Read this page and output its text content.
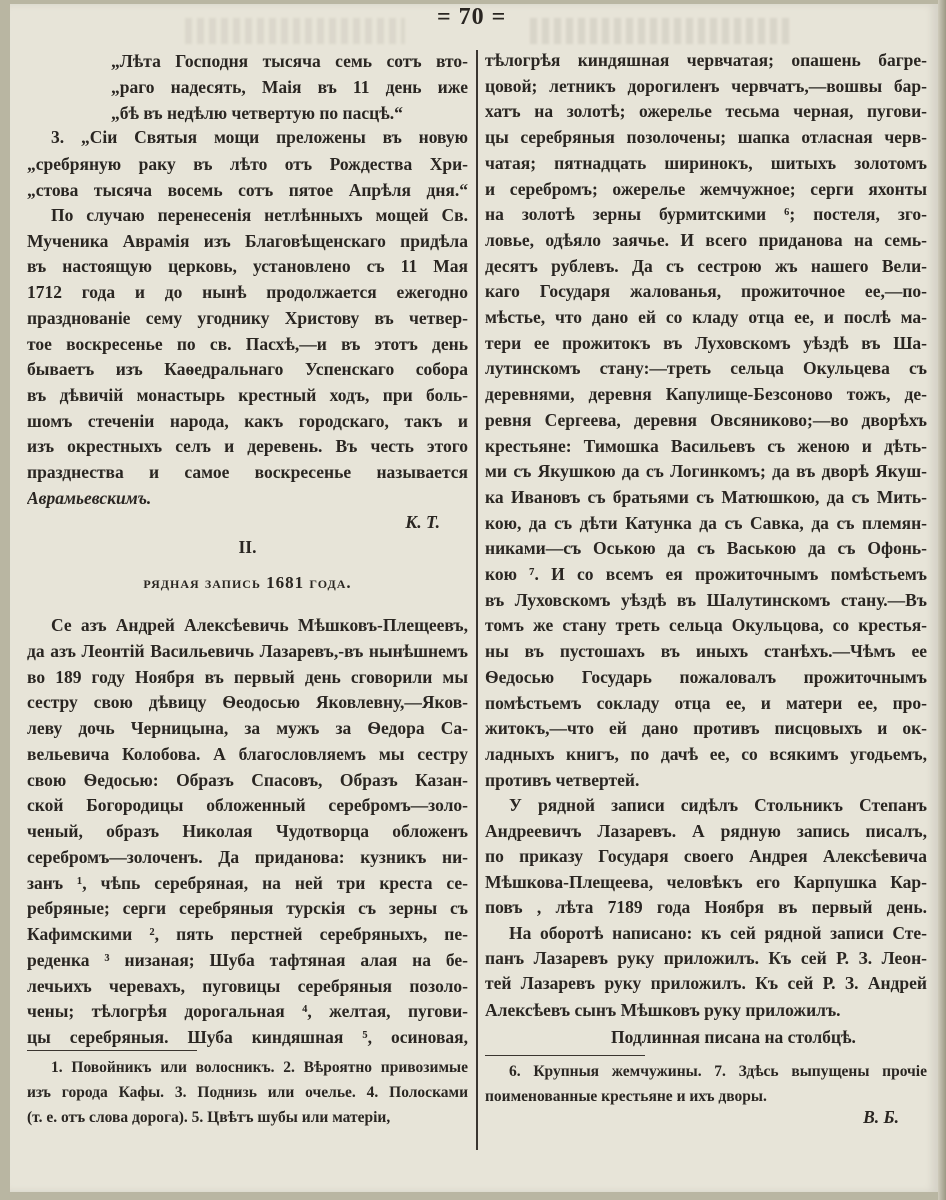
= 70 =
„Лѣта Господня тысяча семь сотъ вто-
„раго надесять, Маія въ 11 день иже
„бѣ въ недѣлю четвертую по пасцѣ.“
3. „Сіи Святыя мощи преложены въ новую
„сребряную раку въ лѣто отъ Рождества Хри-
„стова тысяча восемь сотъ пятое Апрѣля дня.“
По случаю перенесенія нетлѣнныхъ мощей Св.
Мученика Аврамія изъ Благовѣщенскаго придѣла
въ настоящую церковь, установлено съ 11 Мая
1712 года и до нынѣ продолжается ежегодно
празднованіе сему угоднику Христову въ четвер-
тое воскресенье по св. Пасхѣ,—и въ этотъ день
бываетъ изъ Каѳедральнаго Успенскаго собора
въ дѣвичій монастырь крестный ходъ, при боль-
шомъ стеченіи народа, какъ городскаго, такъ и
изъ окрестныхъ селъ и деревень. Въ честь этого
празднества и самое воскресенье называется
Аврамьевскимъ.
К. Т.
II.
рядная запись 1681 года.
Се азъ Андрей Алексѣевичь Мѣшковъ-Плещеевъ,
да азъ Леонтій Васильевичь Лазаревъ,-въ нынѣшнемъ
во 189 году Ноября въ первый день сговорили мы
сестру свою дѣвицу Ѳеодосью Яковлевну,—Яков-
леву дочь Черницына, за мужъ за Ѳедора Са-
вельевича Колобова. А благословляемъ мы сестру
свою Ѳедосью: Образъ Спасовъ, Образъ Казан-
ской Богородицы обложенный серебромъ—золо-
ченый, образъ Николая Чудотворца обложенъ
серебромъ—золоченъ. Да приданова: кузникъ ни-
занъ ¹, чѣпь серебряная, на ней три креста се-
ребряные; серги серебряныя турскія съ зерны съ
Кафимскими ², пять перстней серебряныхъ, пе-
реденка ³ низаная; Шуба тафтяная алая на бе-
лечьихъ черевахъ, пуговицы серебряныя позоло-
чены; тѣлогрѣя дорогальная ⁴, желтая, пугови-
цы серебряныя. Шуба киндяшная ⁵, осиновая,
1. Повойникъ или волосникъ. 2. Вѣроятно привозимые
изъ города Кафы. 3. Поднизь или очелье. 4. Полосками
(т. е. отъ слова дорога). 5. Цвѣтъ шубы или матеріи,
тѣлогрѣя киндяшная червчатая; опашень багре-
цовой; летникъ дорогиленъ червчатъ,—вошвы бар-
хатъ на золотѣ; ожерелье тесьма черная, пугови-
цы серебряныя позолочены; шапка отласная черв-
чатая; пятнадцать ширинокъ, шитыхъ золотомъ
и серебромъ; ожерелье жемчужное; серги яхонты
на золотѣ зерны бурмитскими ⁶; постеля, зго-
ловье, одѣяло заячье. И всего приданова на семь-
десятъ рублевъ. Да съ сестрою жъ нашего Вели-
каго Государя жалованья, прожиточное ее,—по-
мѣстье, что дано ей со кладу отца ее, и послѣ ма-
тери ее прожитокъ въ Луховскомъ уѣздѣ въ Ша-
лутинскомъ стану:—треть сельца Окульцева съ
деревнями, деревня Капулище-Безсоново тожъ, де-
ревня Сергеева, деревня Овсяниково;—во дворѣхъ
крестьяне: Тимошка Васильевъ съ женою и дѣть-
ми съ Якушкою да съ Логинкомъ; да въ дворѣ Якуш-
ка Ивановъ съ братьями съ Матюшкою, да съ Мить-
кою, да съ дѣти Катунка да съ Савка, да съ племян-
никами—съ Оською да съ Ваською да съ Офонь-
кою ⁷. И со всемъ ея прожиточнымъ помѣстьемъ
въ Луховскомъ уѣздѣ въ Шалутинскомъ стану.—Въ
томъ же стану треть сельца Окульцова, со крестья-
ны въ пустошахъ въ иныхъ станѣхъ.—Чѣмъ ее
Ѳедосью Государь пожаловалъ прожиточнымъ
помѣстьемъ сокладу отца ее, и матери ее, про-
житокъ,—что ей дано противъ писцовыхъ и ок-
ладныхъ книгъ, по дачѣ ее, со всякимъ угодьемъ,
противъ четвертей.
У рядной записи сидѣлъ Стольникъ Степанъ
Андреевичъ Лазаревъ. А рядную запись писалъ,
по приказу Государя своего Андрея Алексѣевича
Мѣшкова-Плещеева, человѣкъ его Карпушка Кар-
повъ , лѣта 7189 года Ноября въ первый день.
На оборотѣ написано: къ сей рядной записи Сте-
панъ Лазаревъ руку приложилъ. Къ сей Р. З. Леон-
тей Лазаревъ руку приложилъ. Къ сей Р. З. Андрей
Алексѣевъ сынъ Мѣшковъ руку приложилъ.
Подлинная писана на столбцѣ.
6. Крупныя жемчужины. 7. Здѣсь выпущены прочіе
поименованные крестьяне и ихъ дворы.
В. Б.
